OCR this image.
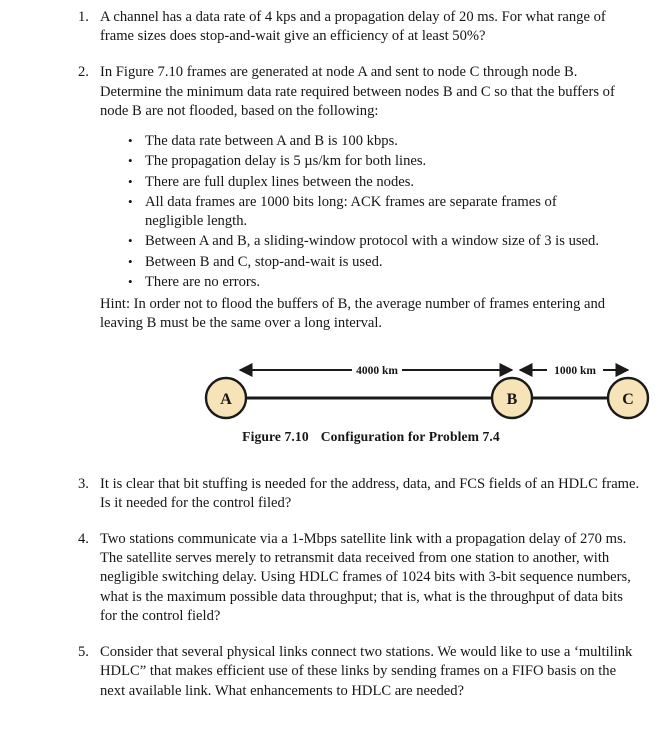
1. A channel has a data rate of 4 kps and a propagation delay of 20 ms. For what range of frame sizes does stop-and-wait give an efficiency of at least 50%?
2. In Figure 7.10 frames are generated at node A and sent to node C through node B. Determine the minimum data rate required between nodes B and C so that the buffers of node B are not flooded, based on the following:
• The data rate between A and B is 100 kbps.
• The propagation delay is 5 µs/km for both lines.
• There are full duplex lines between the nodes.
• All data frames are 1000 bits long: ACK frames are separate frames of negligible length.
• Between A and B, a sliding-window protocol with a window size of 3 is used.
• Between B and C, stop-and-wait is used.
• There are no errors.
Hint: In order not to flood the buffers of B, the average number of frames entering and leaving B must be the same over a long interval.
4000 km	1000 km
A	B	C
Figure 7.10 Configuration for Problem 7.4
3. It is clear that bit stuffing is needed for the address, data, and FCS fields of an HDLC frame. Is it needed for the control filed?
4. Two stations communicate via a 1-Mbps satellite link with a propagation delay of 270 ms. The satellite serves merely to retransmit data received from one station to another, with negligible switching delay. Using HDLC frames of 1024 bits with 3-bit sequence numbers, what is the maximum possible data throughput; that is, what is the throughput of data bits for the control field?
5. Consider that several physical links connect two stations. We would like to use a ‘multilink HDLC” that makes efficient use of these links by sending frames on a FIFO basis on the next available link. What enhancements to HDLC are needed?
